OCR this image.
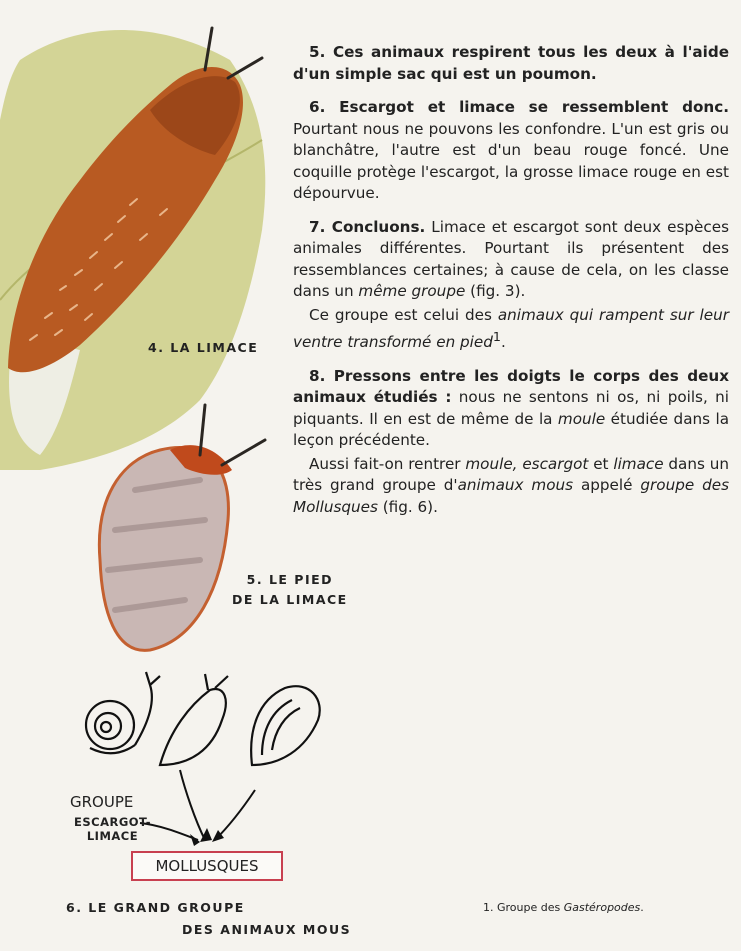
5. Ces animaux respirent tous les deux à l'aide d'un simple sac qui est un poumon.

6. Escargot et limace se ressemblent donc. Pourtant nous ne pouvons les confondre. L'un est gris ou blanchâtre, l'autre est d'un beau rouge foncé. Une coquille protège l'escargot, la grosse limace rouge en est dépourvue.

7. Concluons. Limace et escargot sont deux espèces animales différentes. Pourtant ils présentent des ressemblances certaines; à cause de cela, on les classe dans un même groupe (fig. 3).

Ce groupe est celui des animaux qui rampent sur leur ventre transformé en pied$^1$.

8. Pressons entre les doigts le corps des deux animaux étudiés : nous ne sentons ni os, ni poils, ni piquants. Il en est de même de la moule étudiée dans la leçon précédente.

Aussi fait-on rentrer moule, escargot et limace dans un très grand groupe d'animaux mous appelé groupe des Mollusques (fig. 6).

4. LA LIMACE
5. LE PIED
DE LA LIMACE
GROUPE
ESCARGOT-
LIMACE
MOLLUSQUES
6. LE GRAND GROUPE
DES ANIMAUX MOUS
1. Groupe des Gastéropodes.
